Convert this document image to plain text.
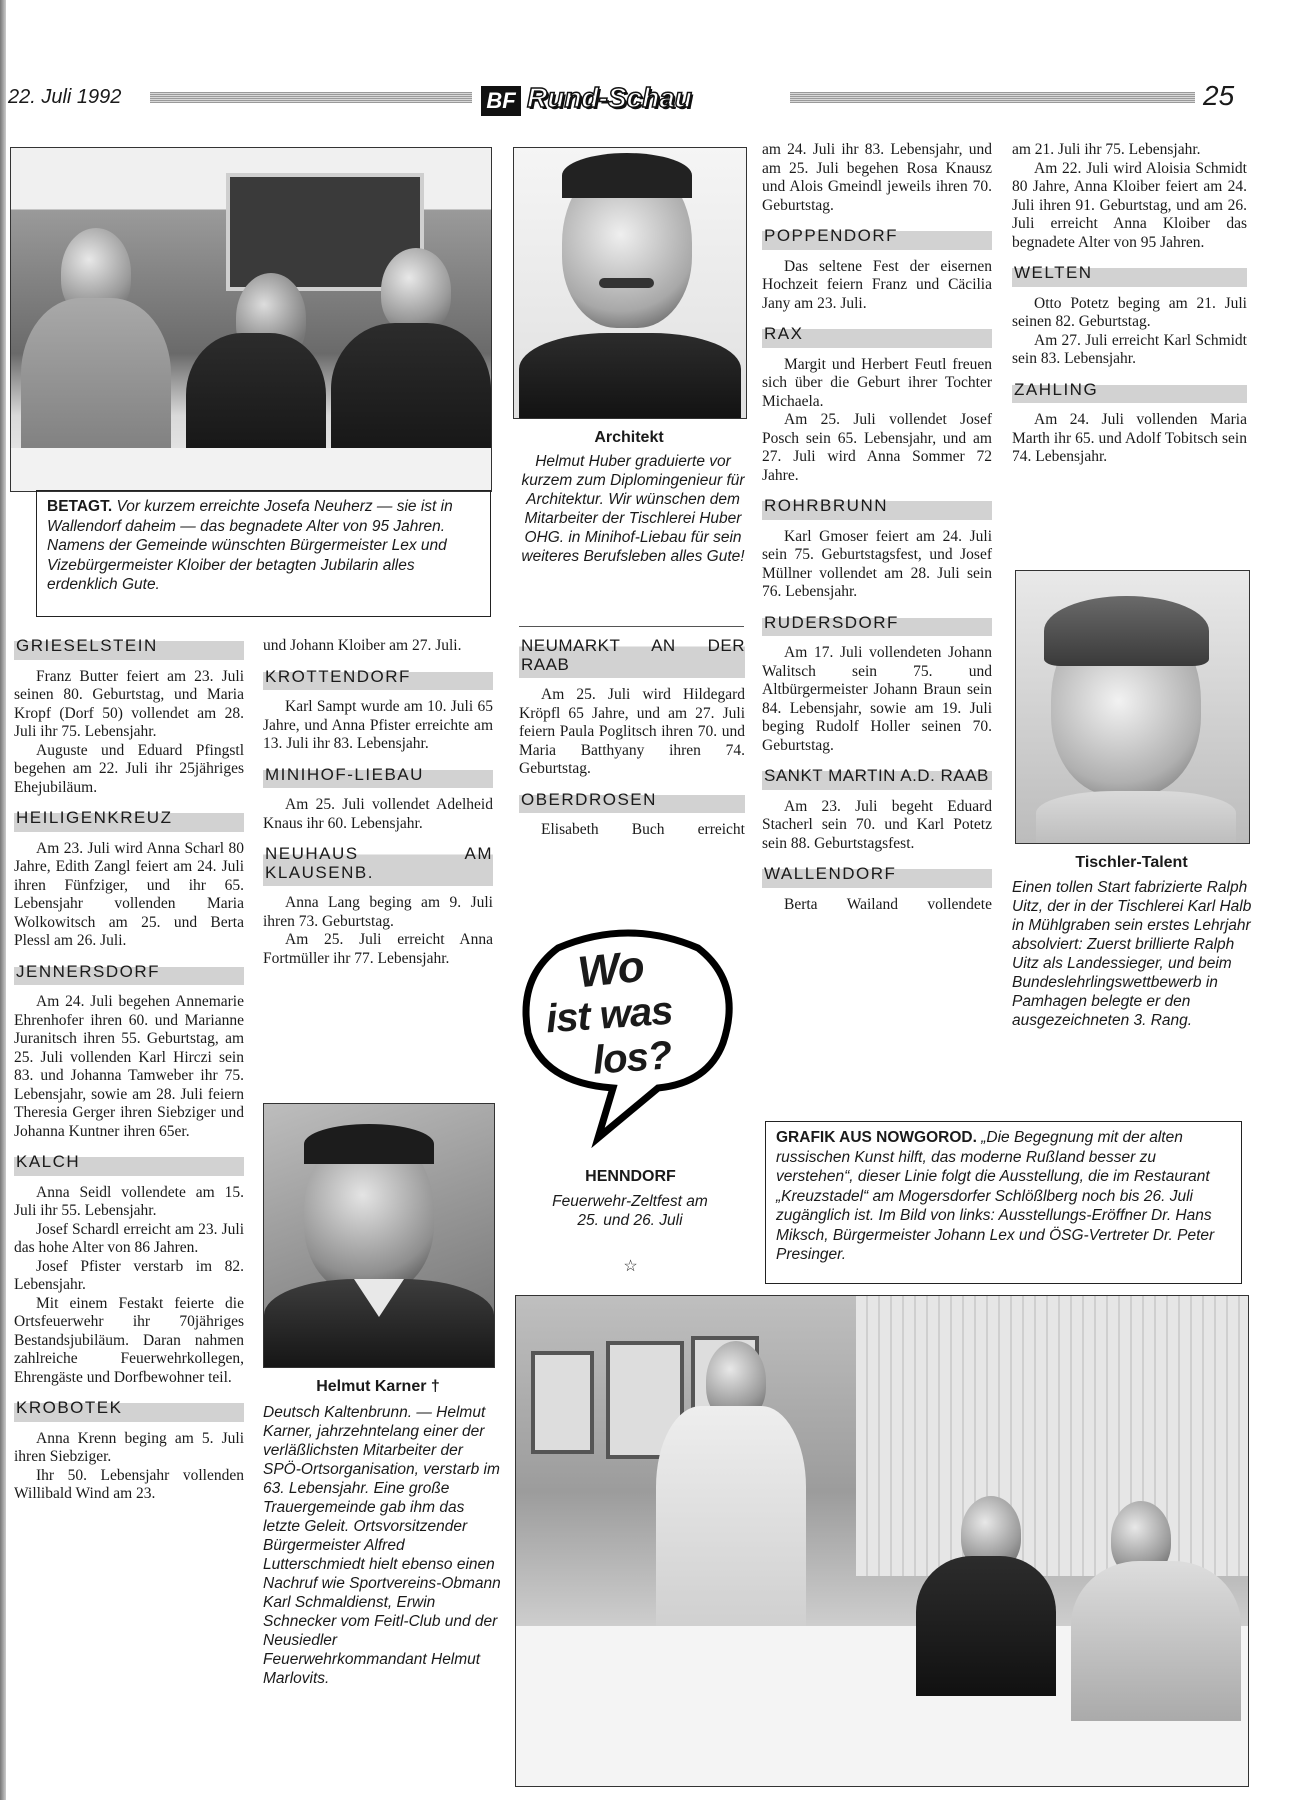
22. Juli 1992	BF Rund-Schau	25
BETAGT. Vor kurzem erreichte Josefa Neuherz — sie ist in Wallendorf daheim — das begnadete Alter von 95 Jahren. Namens der Gemeinde wünschten Bürgermeister Lex und Vizebürgermeister Kloiber der betagten Jubilarin alles erdenklich Gute.
Architekt
Helmut Huber graduierte vor kurzem zum Diplomingenieur für Architektur. Wir wünschen dem Mitarbeiter der Tischlerei Huber OHG. in Minihof-Liebau für sein weiteres Berufsleben alles Gute!
GRIESELSTEIN

Franz Butter feiert am 23. Juli seinen 80. Geburtstag, und Maria Kropf (Dorf 50) vollendet am 28. Juli ihr 75. Lebensjahr.

Auguste und Eduard Pfingstl begehen am 22. Juli ihr 25jähriges Ehejubiläum.

HEILIGENKREUZ

Am 23. Juli wird Anna Scharl 80 Jahre, Edith Zangl feiert am 24. Juli ihren Fünfziger, und ihr 65. Lebensjahr vollenden Maria Wolkowitsch am 25. und Berta Plessl am 26. Juli.

JENNERSDORF

Am 24. Juli begehen Annemarie Ehrenhofer ihren 60. und Marianne Juranitsch ihren 55. Geburtstag, am 25. Juli vollenden Karl Hirczi sein 83. und Johanna Tamweber ihr 75. Lebensjahr, sowie am 28. Juli feiern Theresia Gerger ihren Siebziger und Johanna Kuntner ihren 65er.

KALCH

Anna Seidl vollendete am 15. Juli ihr 55. Lebensjahr.

Josef Schardl erreicht am 23. Juli das hohe Alter von 86 Jahren.

Josef Pfister verstarb im 82. Lebensjahr.

Mit einem Festakt feierte die Ortsfeuerwehr ihr 70jähriges Bestandsjubiläum. Daran nahmen zahlreiche Feuerwehrkollegen, Ehrengäste und Dorfbewohner teil.

KROBOTEK

Anna Krenn beging am 5. Juli ihren Siebziger.

Ihr 50. Lebensjahr vollenden Willibald Wind am 23.

und Johann Kloiber am 27. Juli.

KROTTENDORF

Karl Sampt wurde am 10. Juli 65 Jahre, und Anna Pfister erreichte am 13. Juli ihr 83. Lebensjahr.

MINIHOF-LIEBAU

Am 25. Juli vollendet Adelheid Knaus ihr 60. Lebensjahr.

NEUHAUS AM KLAUSENB.

Anna Lang beging am 9. Juli ihren 73. Geburtstag.

Am 25. Juli erreicht Anna Fortmüller ihr 77. Lebensjahr.

Helmut Karner †
Deutsch Kaltenbrunn. — Helmut Karner, jahrzehntelang einer der verläßlichsten Mitarbeiter der SPÖ-Ortsorganisation, verstarb im 63. Lebensjahr. Eine große Trauergemeinde gab ihm das letzte Geleit. Ortsvorsitzender Bürgermeister Alfred Lutterschmiedt hielt ebenso einen Nachruf wie Sportvereins-Obmann Karl Schmaldienst, Erwin Schnecker vom Feitl-Club und der Neusiedler Feuerwehrkommandant Helmut Marlovits.
NEUMARKT AN DER RAAB

Am 25. Juli wird Hildegard Kröpfl 65 Jahre, und am 27. Juli feiern Paula Poglitsch ihren 70. und Maria Batthyany ihren 74. Geburtstag.

OBERDROSEN

Elisabeth Buch erreicht

Wo
ist was
los?
HENNDORF
Feuerwehr-Zeltfest am 25. und 26. Juli
☆

am 24. Juli ihr 83. Lebensjahr, und am 25. Juli begehen Rosa Knausz und Alois Gmeindl jeweils ihren 70. Geburtstag.

POPPENDORF

Das seltene Fest der eisernen Hochzeit feiern Franz und Cäcilia Jany am 23. Juli.

RAX

Margit und Herbert Feutl freuen sich über die Geburt ihrer Tochter Michaela.

Am 25. Juli vollendet Josef Posch sein 65. Lebensjahr, und am 27. Juli wird Anna Sommer 72 Jahre.

ROHRBRUNN

Karl Gmoser feiert am 24. Juli sein 75. Geburtstagsfest, und Josef Müllner vollendet am 28. Juli sein 76. Lebensjahr.

RUDERSDORF

Am 17. Juli vollendeten Johann Walitsch sein 75. und Altbürgermeister Johann Braun sein 84. Lebensjahr, sowie am 19. Juli beging Rudolf Holler seinen 70. Geburtstag.

SANKT MARTIN A.D. RAAB

Am 23. Juli begeht Eduard Stacherl sein 70. und Karl Potetz sein 88. Geburtstagsfest.

WALLENDORF

Berta Wailand vollendete

am 21. Juli ihr 75. Lebensjahr.

Am 22. Juli wird Aloisia Schmidt 80 Jahre, Anna Kloiber feiert am 24. Juli ihren 91. Geburtstag, und am 26. Juli erreicht Anna Kloiber das begnadete Alter von 95 Jahren.

WELTEN

Otto Potetz beging am 21. Juli seinen 82. Geburtstag.

Am 27. Juli erreicht Karl Schmidt sein 83. Lebensjahr.

ZAHLING

Am 24. Juli vollenden Maria Marth ihr 65. und Adolf Tobitsch sein 74. Lebensjahr.

Tischler-Talent
Einen tollen Start fabrizierte Ralph Uitz, der in der Tischlerei Karl Halb in Mühlgraben sein erstes Lehrjahr absolviert: Zuerst brillierte Ralph Uitz als Landessieger, und beim Bundeslehrlingswettbewerb in Pamhagen belegte er den ausgezeichneten 3. Rang.
GRAFIK AUS NOWGOROD. „Die Begegnung mit der alten russischen Kunst hilft, das moderne Rußland besser zu verstehen“, dieser Linie folgt die Ausstellung, die im Restaurant „Kreuzstadel“ am Mogersdorfer Schlößlberg noch bis 26. Juli zugänglich ist. Im Bild von links: Ausstellungs-Eröffner Dr. Hans Miksch, Bürgermeister Johann Lex und ÖSG-Vertreter Dr. Peter Presinger.
